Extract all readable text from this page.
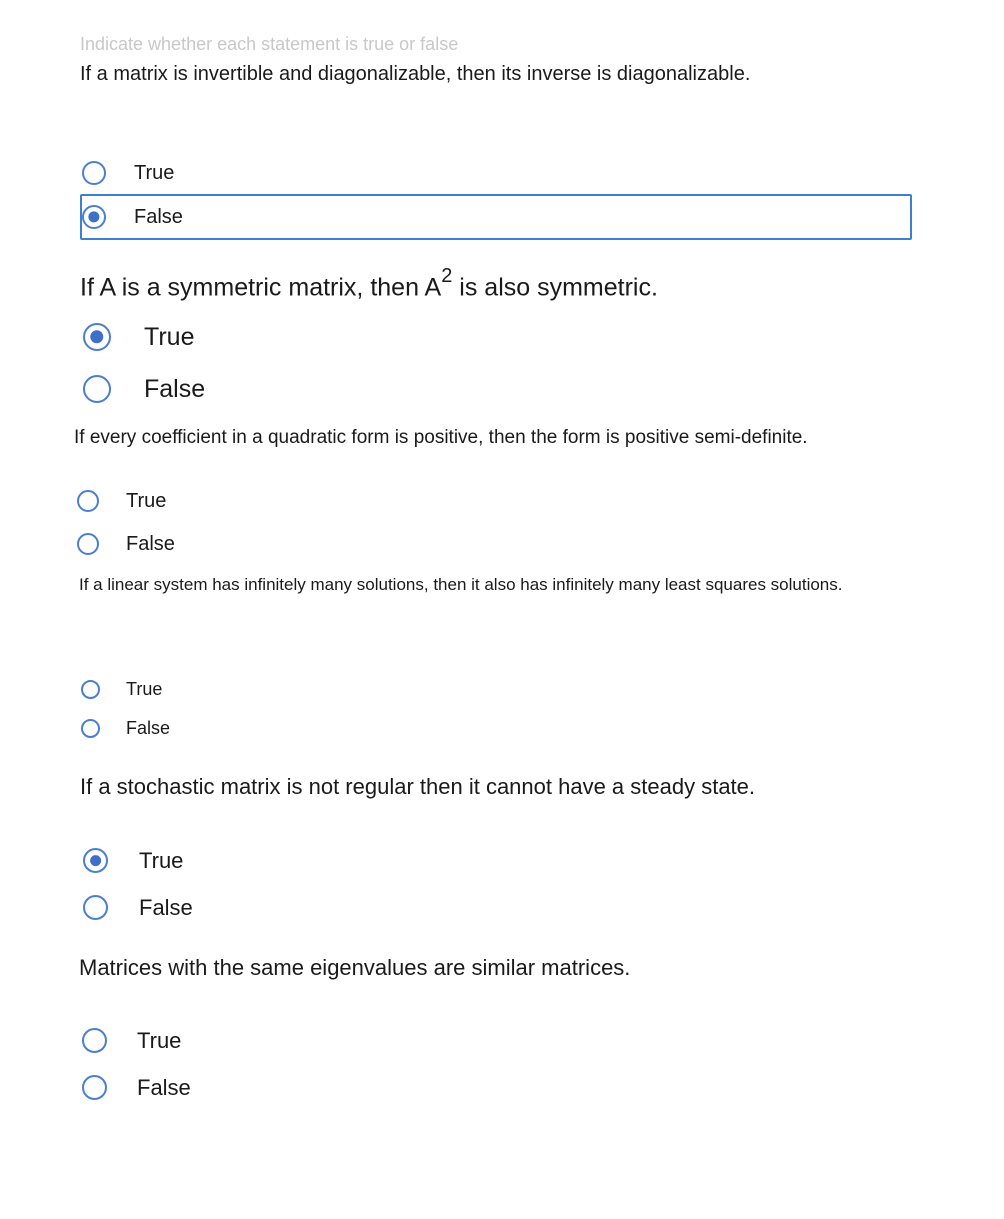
Indicate whether each statement is true or false
If a matrix is invertible and diagonalizable, then its inverse is diagonalizable.
True
False
If A is a symmetric matrix, then $A^2$ is also symmetric.
True
False
If every coefficient in a quadratic form is positive, then the form is positive semi-definite.
True
False
If a linear system has infinitely many solutions, then it also has infinitely many least squares solutions.
True
False
If a stochastic matrix is not regular then it cannot have a steady state.
True
False
Matrices with the same eigenvalues are similar matrices.
True
False
